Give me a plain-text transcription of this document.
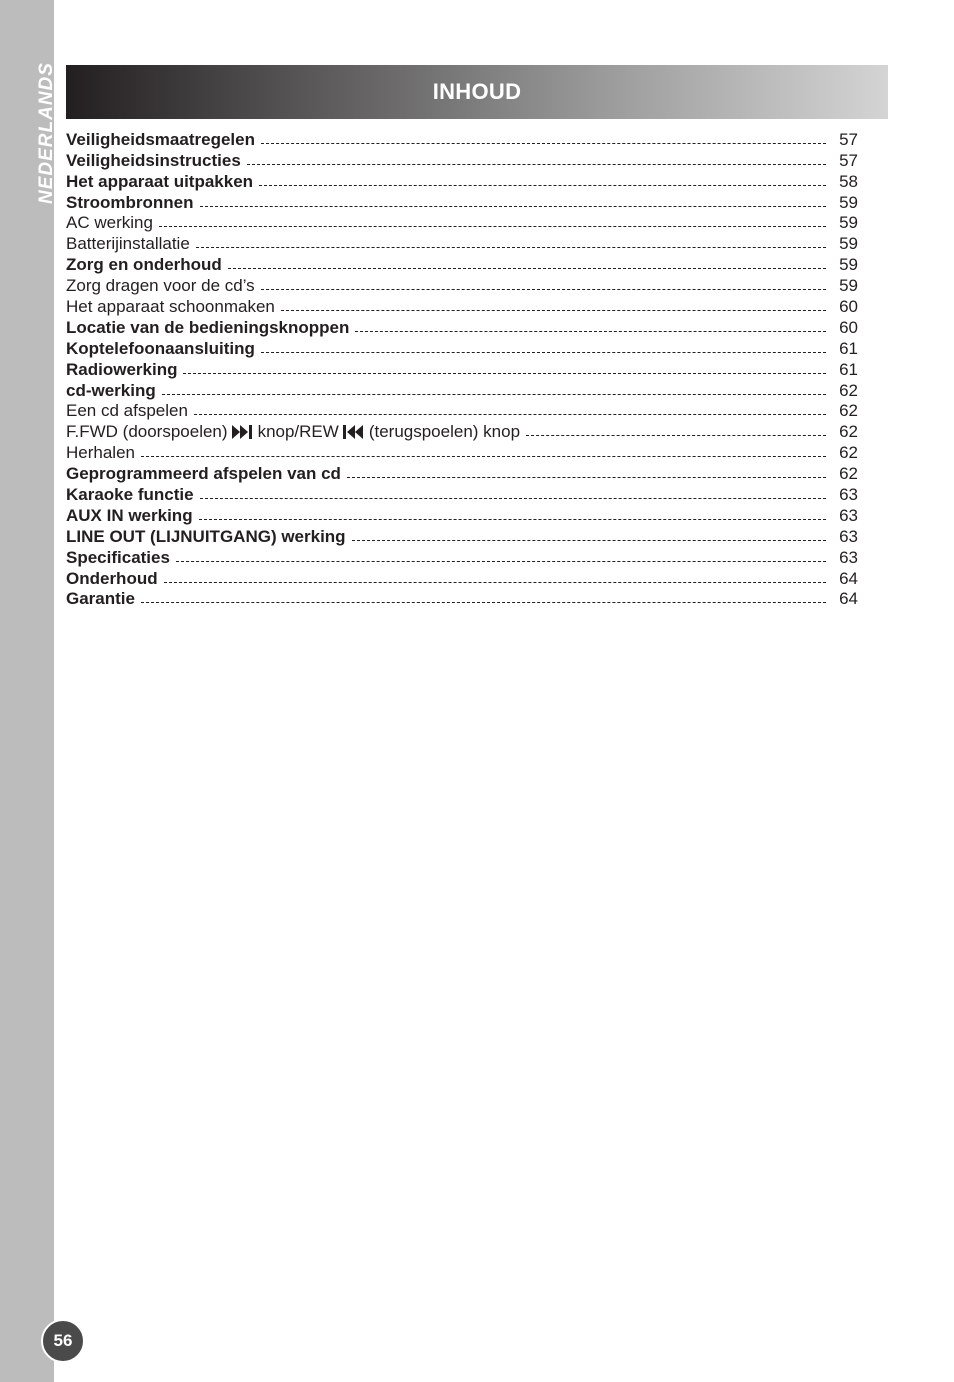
NEDERLANDS
56
INHOUD
Veiligheidsmaatregelen	57
Veiligheidsinstructies	57
Het apparaat uitpakken	58
Stroombronnen	59
AC werking	59
Batterijinstallatie	59
Zorg en onderhoud	59
Zorg dragen voor de cd’s	59
Het apparaat schoonmaken	60
Locatie van de bedieningsknoppen	60
Koptelefoonaansluiting	61
Radiowerking	61
cd-werking	62
Een cd afspelen	62
F.FWD (doorspoelen) knop/REW (terugspoelen) knop	62
Herhalen	62
Geprogrammeerd afspelen van cd	62
Karaoke functie	63
AUX IN werking	63
LINE OUT (LIJNUITGANG) werking	63
Specificaties	63
Onderhoud	64
Garantie	64
